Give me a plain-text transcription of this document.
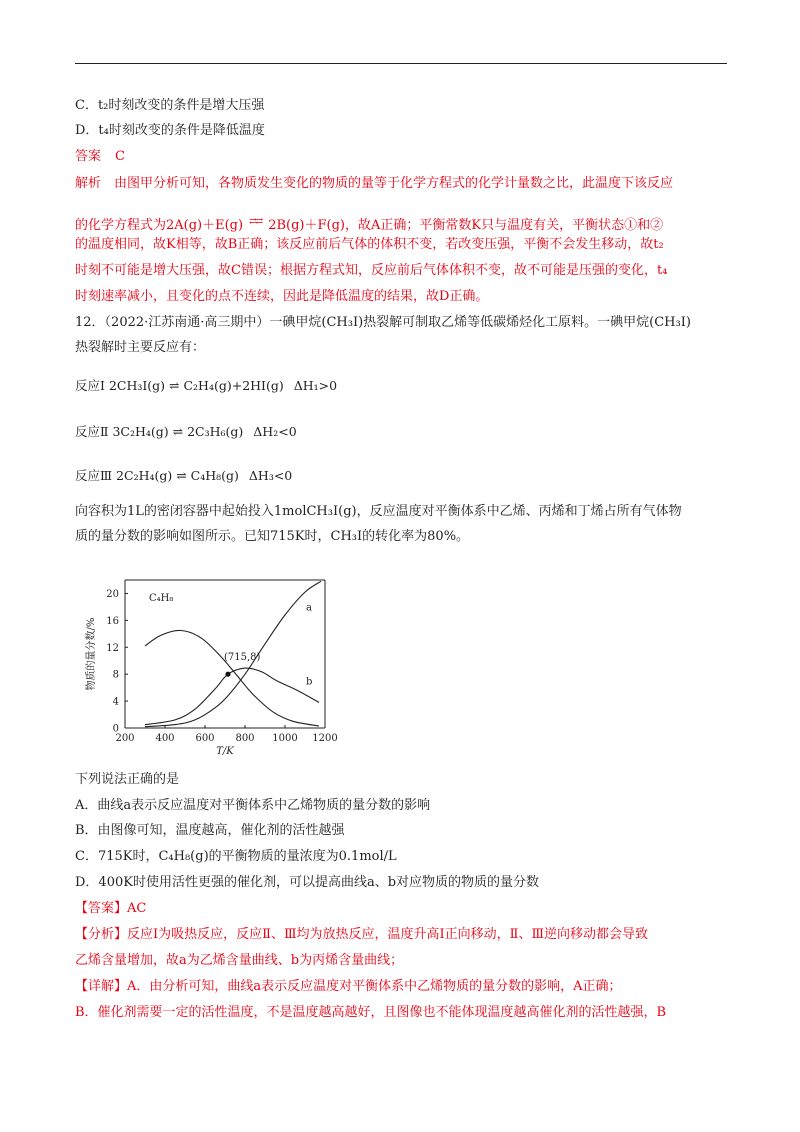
C．t₂时刻改变的条件是增大压强
D．t₄时刻改变的条件是降低温度
答案 C
解析　由图甲分析可知，各物质发生变化的物质的量等于化学方程式的化学计量数之比，此温度下该反应
的化学方程式为2A(g)＋E(g) ⇄⇄ 2B(g)＋F(g)，故A正确；平衡常数K只与温度有关，平衡状态①和②
的温度相同，故K相等，故B正确；该反应前后气体的体积不变，若改变压强，平衡不会发生移动，故t₂
时刻不可能是增大压强，故C错误；根据方程式知，反应前后气体体积不变，故不可能是压强的变化，t₄
时刻速率减小，且变化的点不连续，因此是降低温度的结果，故D正确。
12．（2022·江苏南通·高三期中）一碘甲烷(CH₃I)热裂解可制取乙烯等低碳烯烃化工原料。一碘甲烷(CH₃I)
热裂解时主要反应有：
反应Ⅰ 2CH₃I(g) ⇌ C₂H₄(g)+2HI(g) ΔH₁>0
反应Ⅱ 3C₂H₄(g) ⇌ 2C₃H₆(g) ΔH₂<0
反应Ⅲ 2C₂H₄(g) ⇌ C₄H₈(g) ΔH₃<0
向容积为1L的密闭容器中起始投入1molCH₃I(g)，反应温度对平衡体系中乙烯、丙烯和丁烯占所有气体物
质的量分数的影响如图所示。已知715K时，CH₃I的转化率为80%。
200 400 600 800 1000 1200
0
4
8
12
16
20
T/K
物质的量分数/%
C₄H₈
a
b
(715,8)
下列说法正确的是
A．曲线a表示反应温度对平衡体系中乙烯物质的量分数的影响
B．由图像可知，温度越高，催化剂的活性越强
C．715K时，C₄H₈(g)的平衡物质的量浓度为0.1mol/L
D．400K时使用活性更强的催化剂，可以提高曲线a、b对应物质的物质的量分数
【答案】AC
【分析】反应Ⅰ为吸热反应，反应Ⅱ、Ⅲ均为放热反应，温度升高Ⅰ正向移动，Ⅱ、Ⅲ逆向移动都会导致
乙烯含量增加，故a为乙烯含量曲线、b为丙烯含量曲线；
【详解】A．由分析可知，曲线a表示反应温度对平衡体系中乙烯物质的量分数的影响，A正确；
B．催化剂需要一定的活性温度，不是温度越高越好，且图像也不能体现温度越高催化剂的活性越强，B
